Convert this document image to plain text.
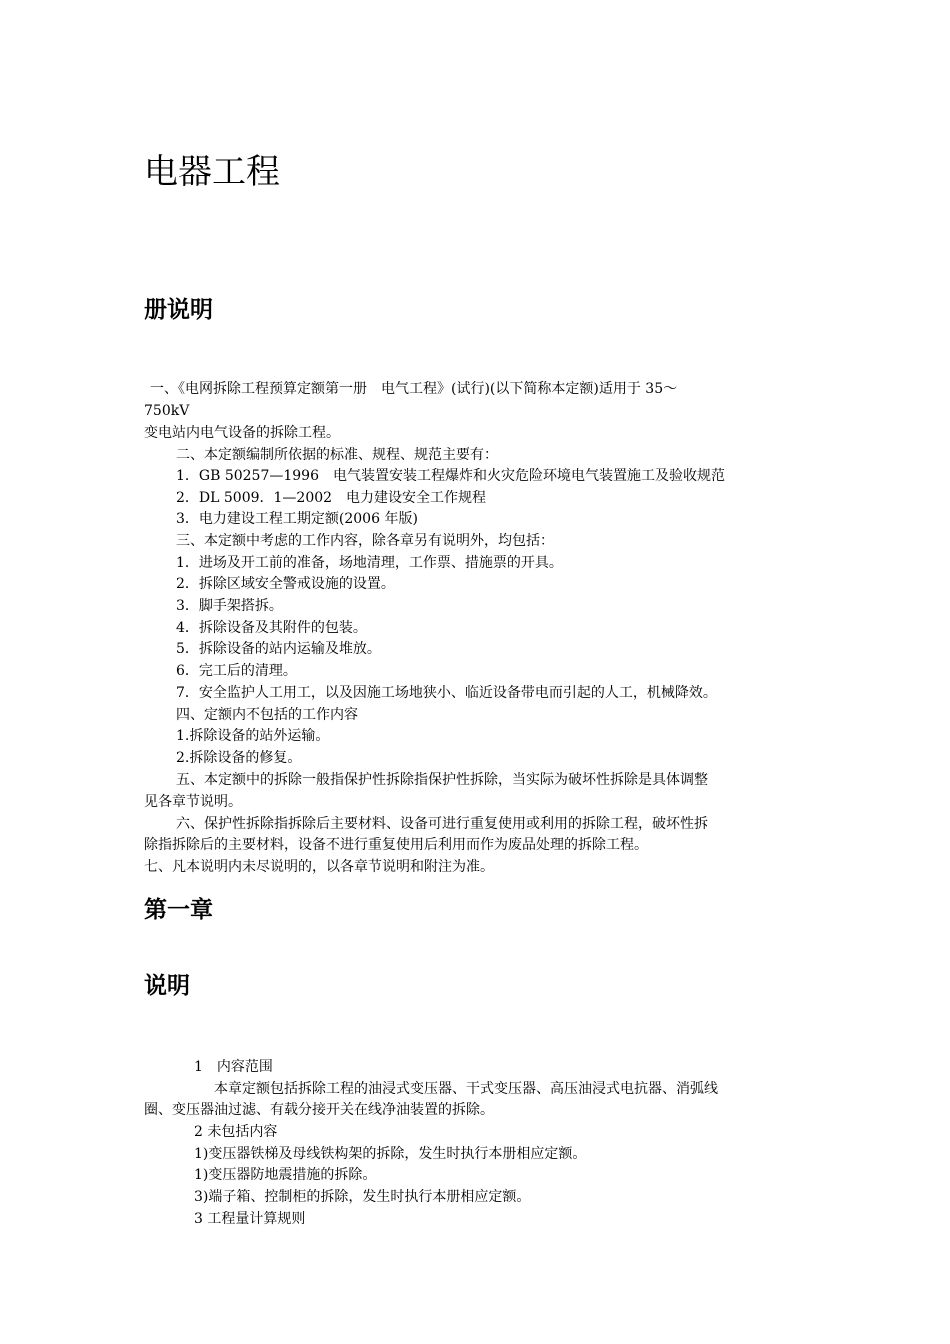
电器工程
册说明

一、《电网拆除工程预算定额第一册　电气工程》(试行)(以下简称本定额)适用于 35～

750kV

变电站内电气设备的拆除工程。

二、本定额编制所依据的标准、规程、规范主要有：

1．GB 50257—1996　电气装置安装工程爆炸和火灾危险环境电气装置施工及验收规范

2．DL 5009．1—2002　电力建设安全工作规程

3．电力建设工程工期定额(2006 年版)

三、本定额中考虑的工作内容，除各章另有说明外，均包括：

1．进场及开工前的准备，场地清理，工作票、措施票的开具。

2．拆除区域安全警戒设施的设置。

3．脚手架搭拆。

4．拆除设备及其附件的包装。

5．拆除设备的站内运输及堆放。

6．完工后的清理。

7．安全监护人工用工，以及因施工场地狭小、临近设备带电而引起的人工，机械降效。

四、定额内不包括的工作内容

1.拆除设备的站外运输。

2.拆除设备的修复。

五、本定额中的拆除一般指保护性拆除指保护性拆除，当实际为破坏性拆除是具体调整

见各章节说明。

六、保护性拆除指拆除后主要材料、设备可进行重复使用或利用的拆除工程，破坏性拆

除指拆除后的主要材料，设备不进行重复使用后利用而作为废品处理的拆除工程。

七、凡本说明内未尽说明的，以各章节说明和附注为准。

第一章
说明

1　内容范围

本章定额包括拆除工程的油浸式变压器、干式变压器、高压油浸式电抗器、消弧线

圈、变压器油过滤、有载分接开关在线净油装置的拆除。

2 未包括内容

1)变压器铁梯及母线铁构架的拆除，发生时执行本册相应定额。

1)变压器防地震措施的拆除。

3)端子箱、控制柜的拆除，发生时执行本册相应定额。

3 工程量计算规则
